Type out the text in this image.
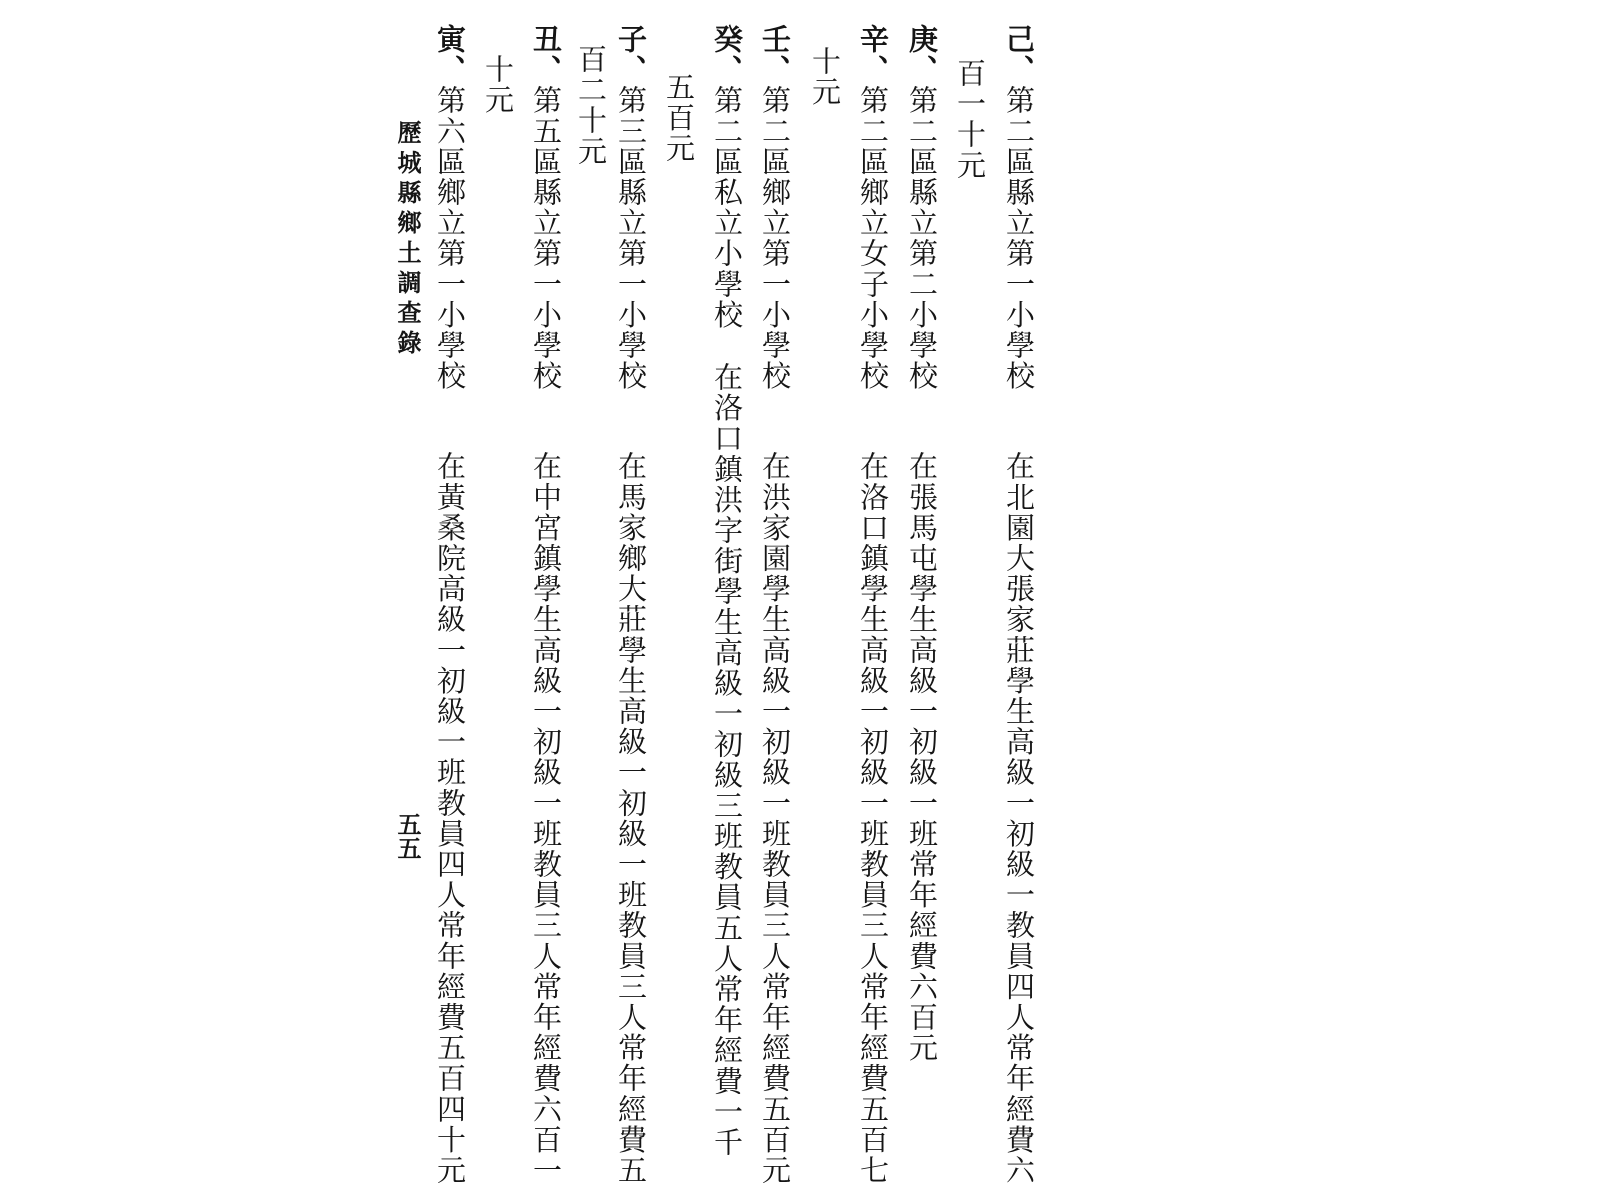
己、第二區縣立第一小學校在北園大張家莊學生高級一初級一教員四人常年經費六
百一十元
庚、第二區縣立第二小學校在張馬屯學生高級一初級一班常年經費六百元
辛、第二區鄉立女子小學校在洛口鎮學生高級一初級一班教員三人常年經費五百七
十元
壬、第二區鄉立第一小學校在洪家園學生高級一初級一班教員三人常年經費五百元
癸、第二區私立小學校在洛口鎮洪字街學生高級一初級三班教員五人常年經費一千
五百元
子、第三區縣立第一小學校在馬家鄉大莊學生高級一初級一班教員三人常年經費五
百二十元
丑、第五區縣立第一小學校在中宮鎮學生高級一初級一班教員三人常年經費六百一
十元
寅、第六區鄉立第一小學校在黃桑院高級一初級一班教員四人常年經費五百四十元
歷城縣鄉土調查錄
五五
